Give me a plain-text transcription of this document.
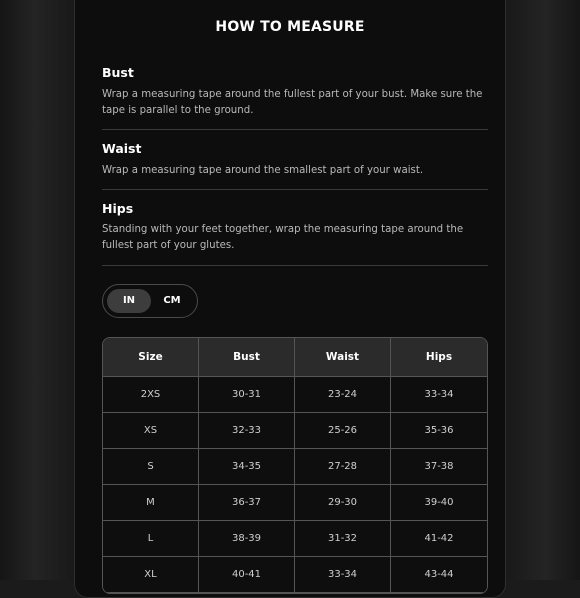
HOW TO MEASURE
Bust
Wrap a measuring tape around the fullest part of your bust. Make sure the tape is parallel to the ground.
Waist
Wrap a measuring tape around the smallest part of your waist.
Hips
Standing with your feet together, wrap the measuring tape around the fullest part of your glutes.
IN	CM
Size	Bust	Waist	Hips
2XS	30-31	23-24	33-34
XS	32-33	25-26	35-36
S	34-35	27-28	37-38
M	36-37	29-30	39-40
L	38-39	31-32	41-42
XL	40-41	33-34	43-44
